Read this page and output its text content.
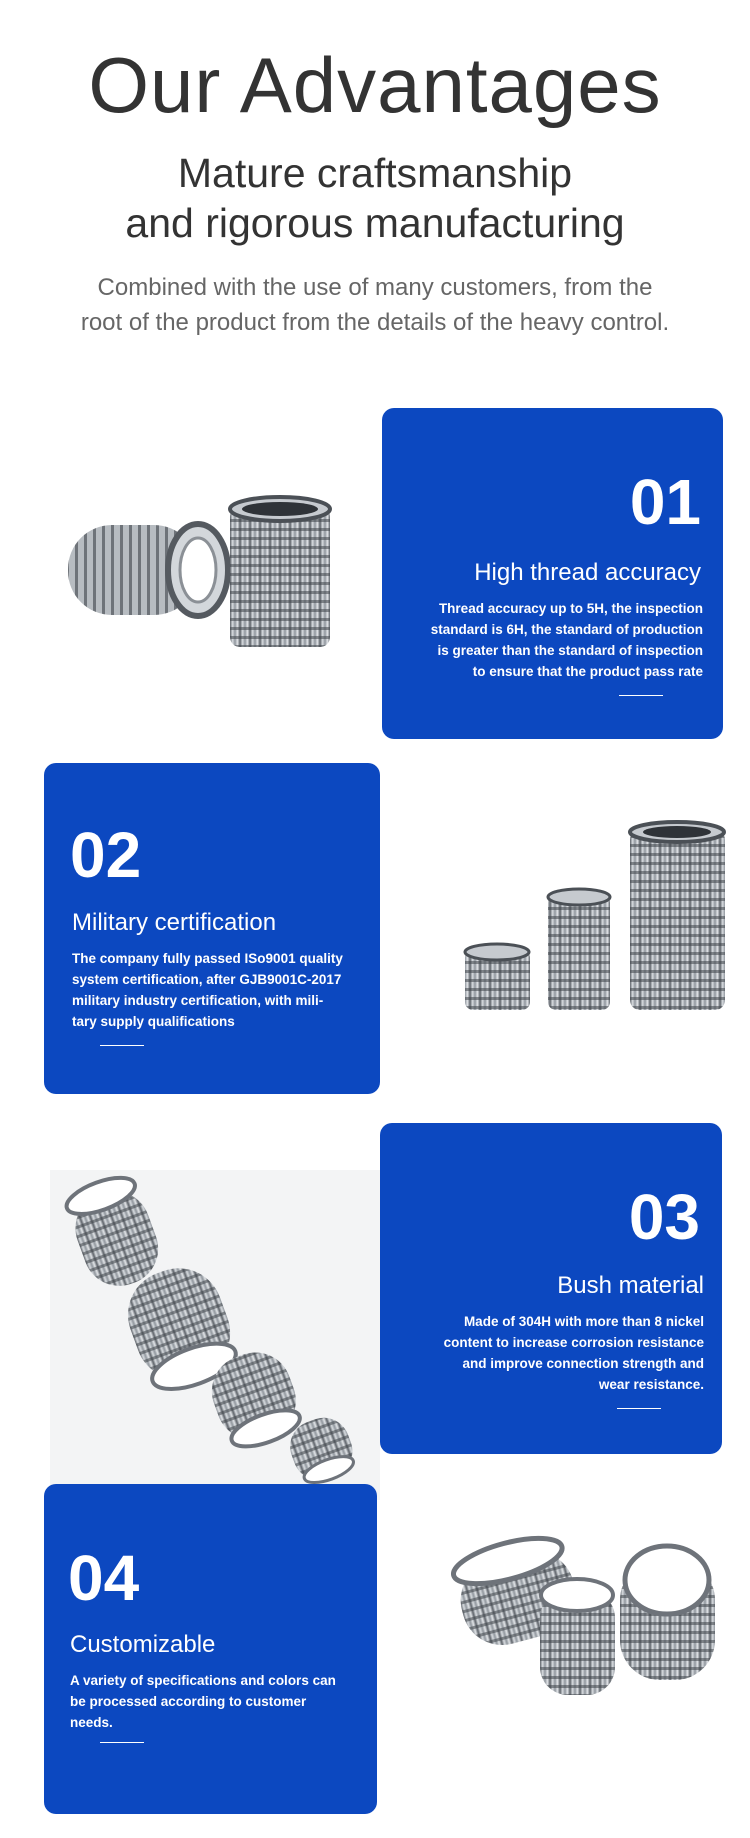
Our Advantages
Mature craftsmanship
and rigorous manufacturing
Combined with the use of many customers, from the
root of the product from the details of the heavy control.
01
High thread accuracy
Thread accuracy up to 5H, the inspection
standard is 6H, the standard of production
is greater than the standard of inspection
to ensure that the product pass rate
02
Military certification
The company fully passed ISo9001 quality
system certification, after GJB9001C-2017
military industry certification, with mili-
tary supply qualifications
03
Bush material
Made of 304H with more than 8 nickel
content to increase corrosion resistance
and improve connection strength and
wear resistance.
04
Customizable
A variety of specifications and colors can
be processed according to customer
needs.
